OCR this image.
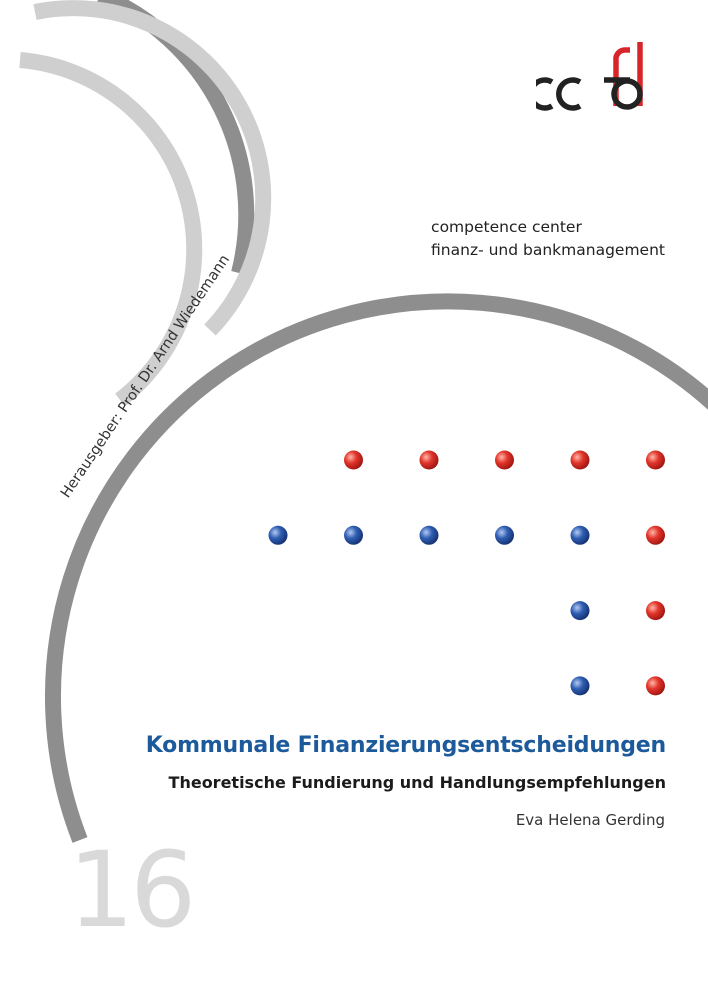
competence center
finanz- und bankmanagement
Herausgeber: Prof. Dr. Arnd Wiedemann
Kommunale Finanzierungsentscheidungen
Theoretische Fundierung und Handlungsempfehlungen
Eva Helena Gerding
16
